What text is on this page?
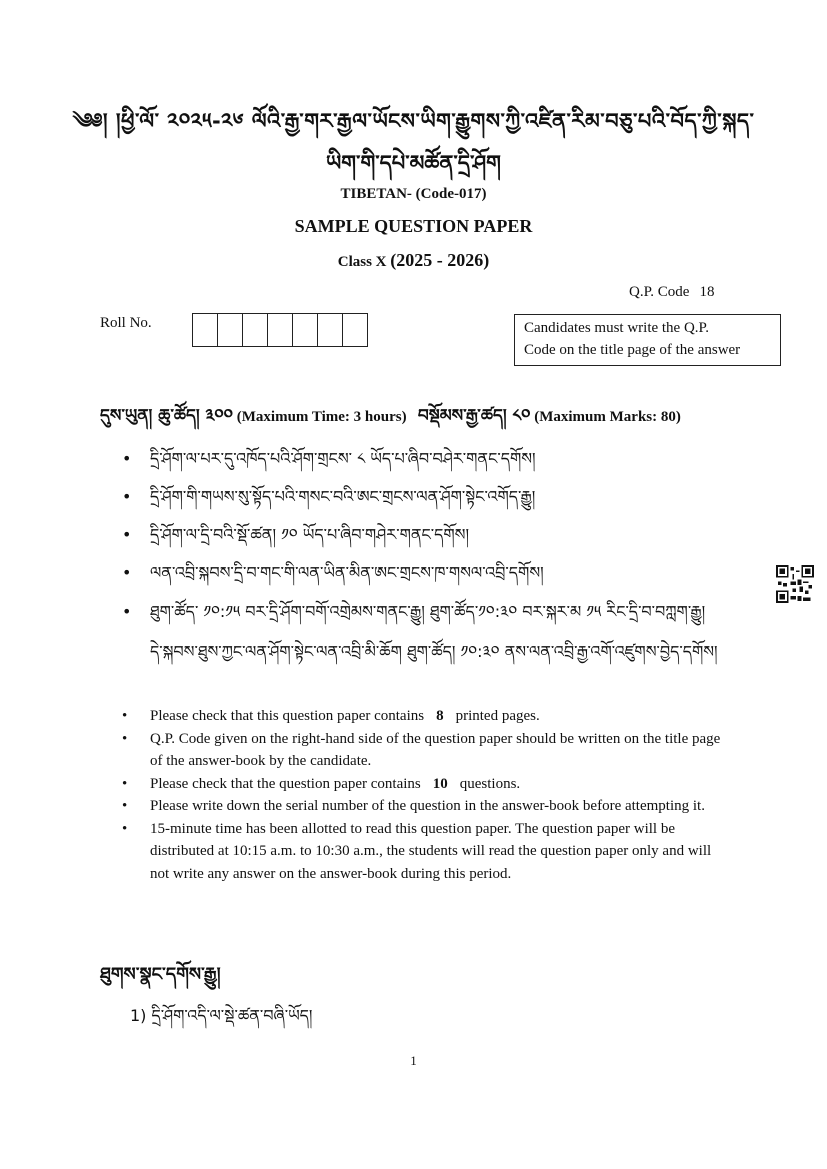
༄༅། །ཕྱི་ལོ་ ༢༠༢༥-༢༦ ལོའི་རྒྱ་གར་རྒྱལ་ཡོངས་ཡིག་རྒྱུགས་ཀྱི་འཛིན་རིམ་བཅུ་པའི་བོད་ཀྱི་སྐད་
ཡིག་གི་དཔེ་མཚོན་དྲི་ཤོག
TIBETAN- (Code-017)
SAMPLE QUESTION PAPER
Class X (2025 - 2026)
Q.P. Code 18
Roll No.	Candidates must write the Q.P.
Code on the title page of the answer
དུས་ཡུན། ཆུ་ཚོད། ༣༠༠ (Maximum Time: 3 hours) བསྡོམས་རྒྱ་ཚད། ༨༠ (Maximum Marks: 80)
• དྲི་ཤོག་ལ་པར་དུ་འཁོད་པའི་ཤོག་གྲངས་ ༨ ཡོད་པ་ཞིབ་བཤེར་གནང་དགོས།
• དྲི་ཤོག་གི་གཡས་སུ་སྟོད་པའི་གསང་བའི་ཨང་གྲངས་ལན་ཤོག་སྟེང་འགོད་རྒྱུ།
• དྲི་ཤོག་ལ་དྲི་བའི་སྡོ་ཚན། ༡༠ ཡོད་པ་ཞིབ་གཤེར་གནང་དགོས།
• ལན་འབྲི་སྐབས་དྲི་བ་གང་གི་ལན་ཡིན་མིན་ཨང་གྲངས་ཁ་གསལ་འབྲི་དགོས།
• ཐུག་ཚོད་ ༡༠:༡༥ བར་དྲི་ཤོག་བགོ་འགྲེམས་གནང་རྒྱུ། ཐུག་ཚོད་༡༠:༣༠ བར་སྐར་མ ༡༥ རིང་དྲི་བ་བཀླག་རྒྱུ། དེ་སྐབས་ཐུས་ཀྱང་ལན་ཤོག་སྟེང་ལན་འབྲི་མི་ཆོག ཐུག་ཚོད། ༡༠:༣༠ ནས་ལན་འབྲི་རྒྱ་འགོ་འཛུགས་བྱེད་དགོས།
• Please check that this question paper contains 8 printed pages.
• Q.P. Code given on the right-hand side of the question paper should be written on the title page of the answer-book by the candidate.
• Please check that the question paper contains 10 questions.
• Please write down the serial number of the question in the answer-book before attempting it.
• 15-minute time has been allotted to read this question paper. The question paper will be distributed at 10:15 a.m. to 10:30 a.m., the students will read the question paper only and will not write any answer on the answer-book during this period.
ཐུགས་སྣང་དགོས་རྒྱུ།
1) དྲི་ཤོག་འདི་ལ་སྡེ་ཚན་བཞི་ཡོད།
1
